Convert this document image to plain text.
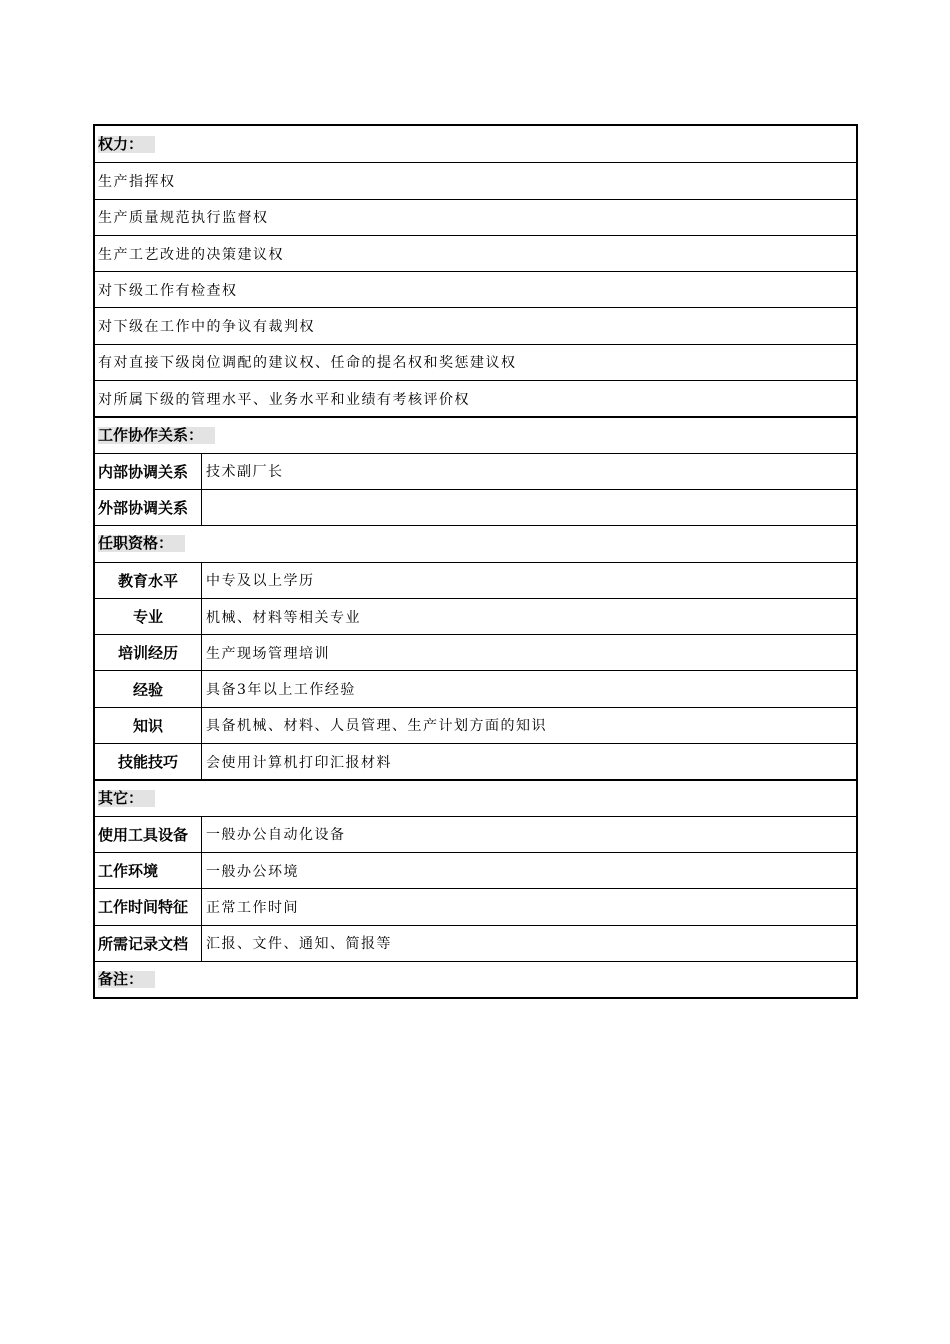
权力：
生产指挥权
生产质量规范执行监督权
生产工艺改进的决策建议权
对下级工作有检查权
对下级在工作中的争议有裁判权
有对直接下级岗位调配的建议权、任命的提名权和奖惩建议权
对所属下级的管理水平、业务水平和业绩有考核评价权
工作协作关系：
内部协调关系	技术副厂长
外部协调关系
任职资格：
教育水平	中专及以上学历
专业	机械、材料等相关专业
培训经历	生产现场管理培训
经验	具备3年以上工作经验
知识	具备机械、材料、人员管理、生产计划方面的知识
技能技巧	会使用计算机打印汇报材料
其它：
使用工具设备	一般办公自动化设备
工作环境	一般办公环境
工作时间特征	正常工作时间
所需记录文档	汇报、文件、通知、简报等
备注：
